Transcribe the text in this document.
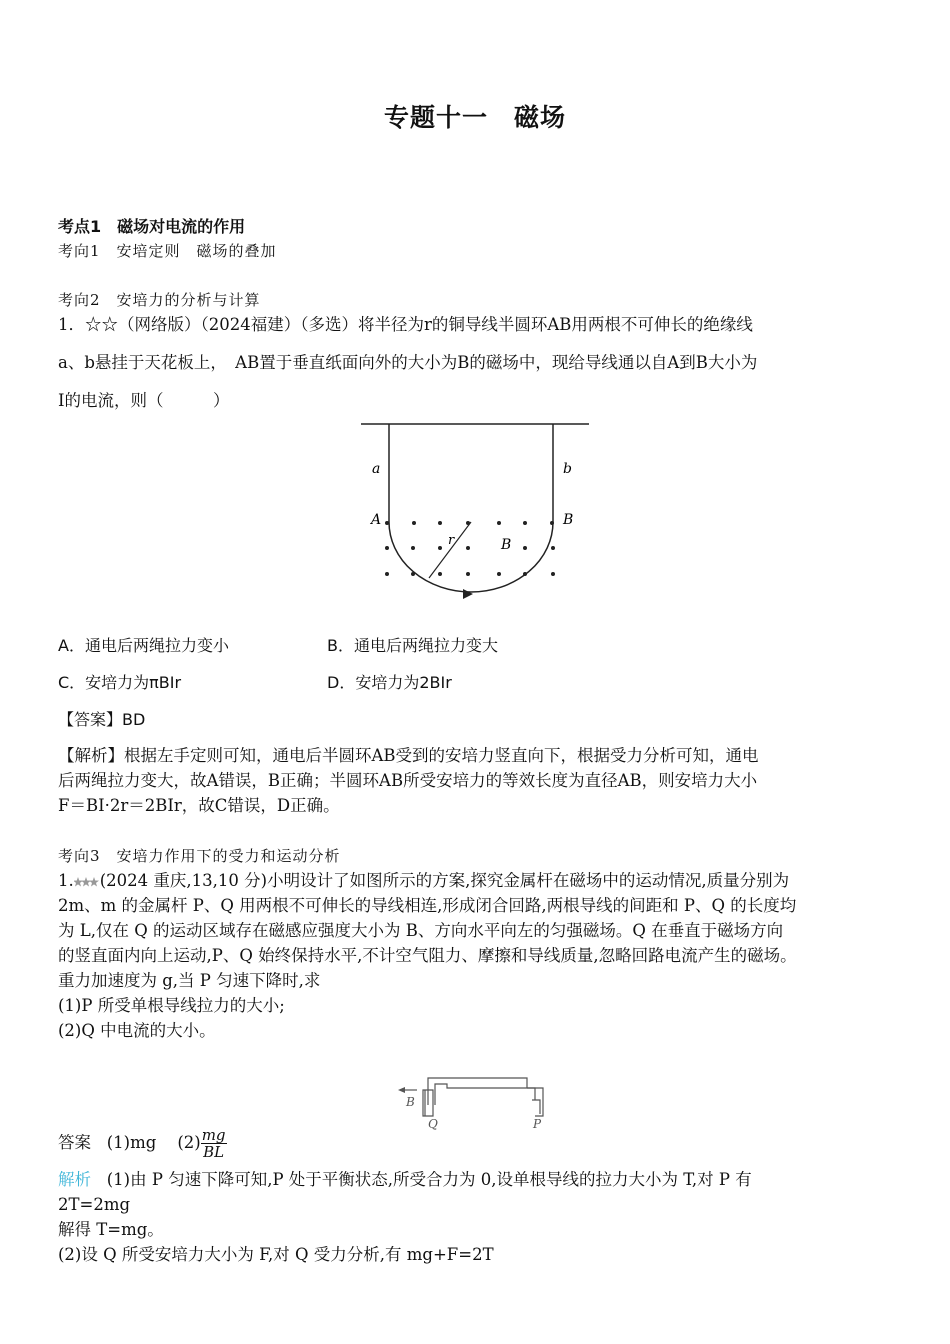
专题十一　磁场
考点1　磁场对电流的作用
考向1　安培定则　磁场的叠加
考向2　安培力的分析与计算
1．☆☆（网络版）（2024福建）（多选）将半径为r的铜导线半圆环AB用两根不可伸长的绝缘线
a、b悬挂于天花板上，　AB置于垂直纸面向外的大小为B的磁场中，现给导线通以自A到B大小为
I的电流，则（　　　）
a	b
A	B
r	B
A．通电后两绳拉力变小	B．通电后两绳拉力变大
C．安培力为πBIr	D．安培力为2BIr
【答案】BD
【解析】根据左手定则可知，通电后半圆环AB受到的安培力竖直向下，根据受力分析可知，通电
后两绳拉力变大，故A错误，B正确；半圆环AB所受安培力的等效长度为直径AB，则安培力大小
F＝BI·2r＝2BIr，故C错误，D正确。
考向3　安培力作用下的受力和运动分析
1. (2024 重庆,13,10 分)小明设计了如图所示的方案,探究金属杆在磁场中的运动情况,质量分别为
2m、m 的金属杆 P、Q 用两根不可伸长的导线相连,形成闭合回路,两根导线的间距和 P、Q 的长度均
为 L,仅在 Q 的运动区域存在磁感应强度大小为 B、方向水平向左的匀强磁场。Q 在垂直于磁场方向
的竖直面内向上运动,P、Q 始终保持水平,不计空气阻力、摩擦和导线质量,忽略回路电流产生的磁场。
重力加速度为 g,当 P 匀速下降时,求
(1)P 所受单根导线拉力的大小;
(2)Q 中电流的大小。
B
Q	P
答案 (1)mg $(2) \frac{mg}{BL}$
解析 (1)由 P 匀速下降可知,P 处于平衡状态,所受合力为 0,设单根导线的拉力大小为 T,对 P 有
2T=2mg
解得 T=mg。
(2)设 Q 所受安培力大小为 F,对 Q 受力分析,有 mg+F=2T
